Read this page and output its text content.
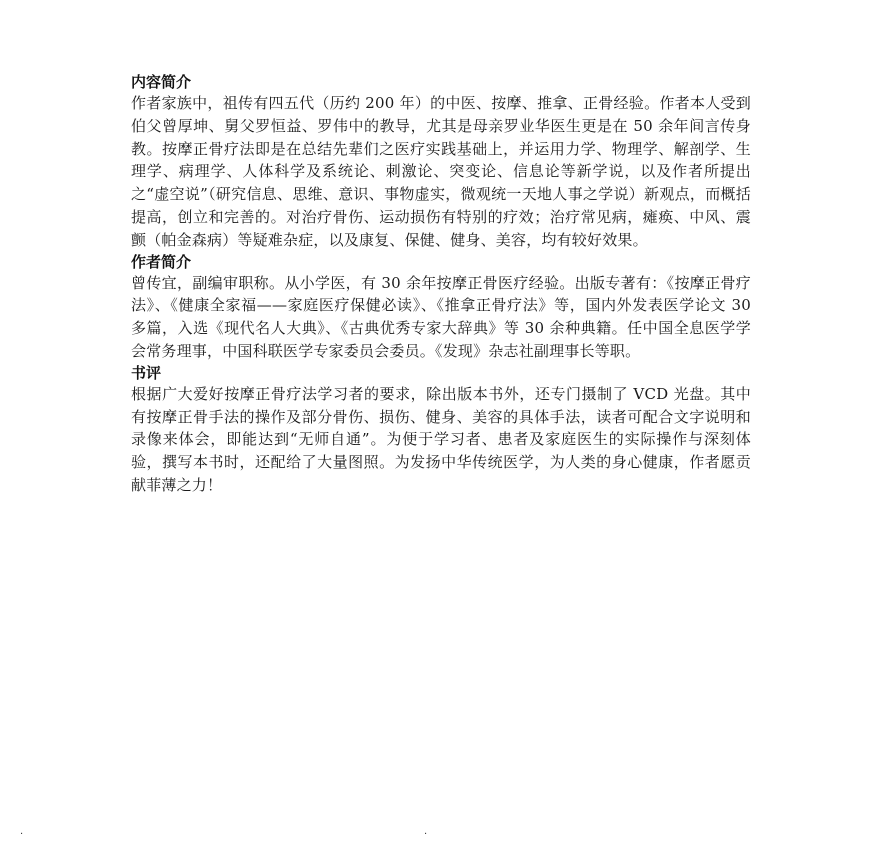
内容简介

作者家族中，祖传有四五代（历约 200 年）的中医、按摩、推拿、正骨经验。作者本人受到伯父曾厚坤、舅父罗恒益、罗伟中的教导，尤其是母亲罗业华医生更是在 50 余年间言传身教。按摩正骨疗法即是在总结先辈们之医疗实践基础上，并运用力学、物理学、解剖学、生理学、病理学、人体科学及系统论、刺激论、突变论、信息论等新学说，以及作者所提出之“虚空说”（研究信息、思维、意识、事物虚实，微观统一天地人事之学说）新观点，而概括提高，创立和完善的。对治疗骨伤、运动损伤有特别的疗效；治疗常见病，瘫痪、中风、震颤（帕金森病）等疑难杂症，以及康复、保健、健身、美容，均有较好效果。

作者简介

曾传宜，副编审职称。从小学医，有 30 余年按摩正骨医疗经验。出版专著有：《按摩正骨疗法》、《健康全家福——家庭医疗保健必读》、《推拿正骨疗法》等，国内外发表医学论文 30 多篇，入选《现代名人大典》、《古典优秀专家大辞典》等 30 余种典籍。任中国全息医学学会常务理事，中国科联医学专家委员会委员。《发现》杂志社副理事长等职。

书评

根据广大爱好按摩正骨疗法学习者的要求，除出版本书外，还专门摄制了 VCD 光盘。其中有按摩正骨手法的操作及部分骨伤、损伤、健身、美容的具体手法，读者可配合文字说明和录像来体会，即能达到“无师自通”。为便于学习者、患者及家庭医生的实际操作与深刻体验，撰写本书时，还配给了大量图照。为发扬中华传统医学，为人类的身心健康，作者愿贡献菲薄之力！

.	.
